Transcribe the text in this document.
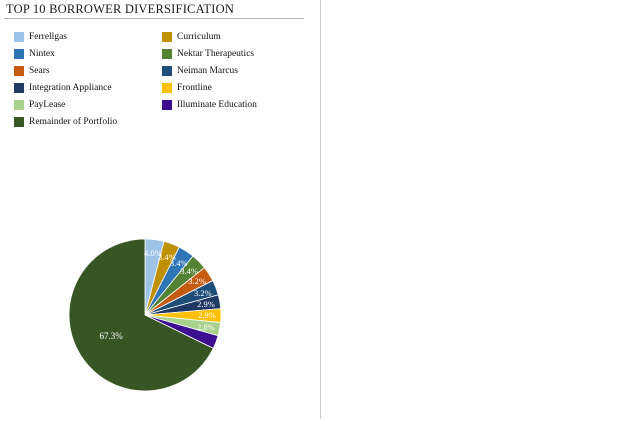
TOP 10 BORROWER DIVERSIFICATION
Ferrellgas	Curriculum
Nintex	Nektar Therapeutics
Sears	Neiman Marcus
Integration Appliance	Frontline
PayLease	Illuminate Education
Remainder of Portfolio
4.0%
3.4%
3.4%
3.4%
3.2%
3.2%
2.9%
2.9%
2.8%
67.3%
